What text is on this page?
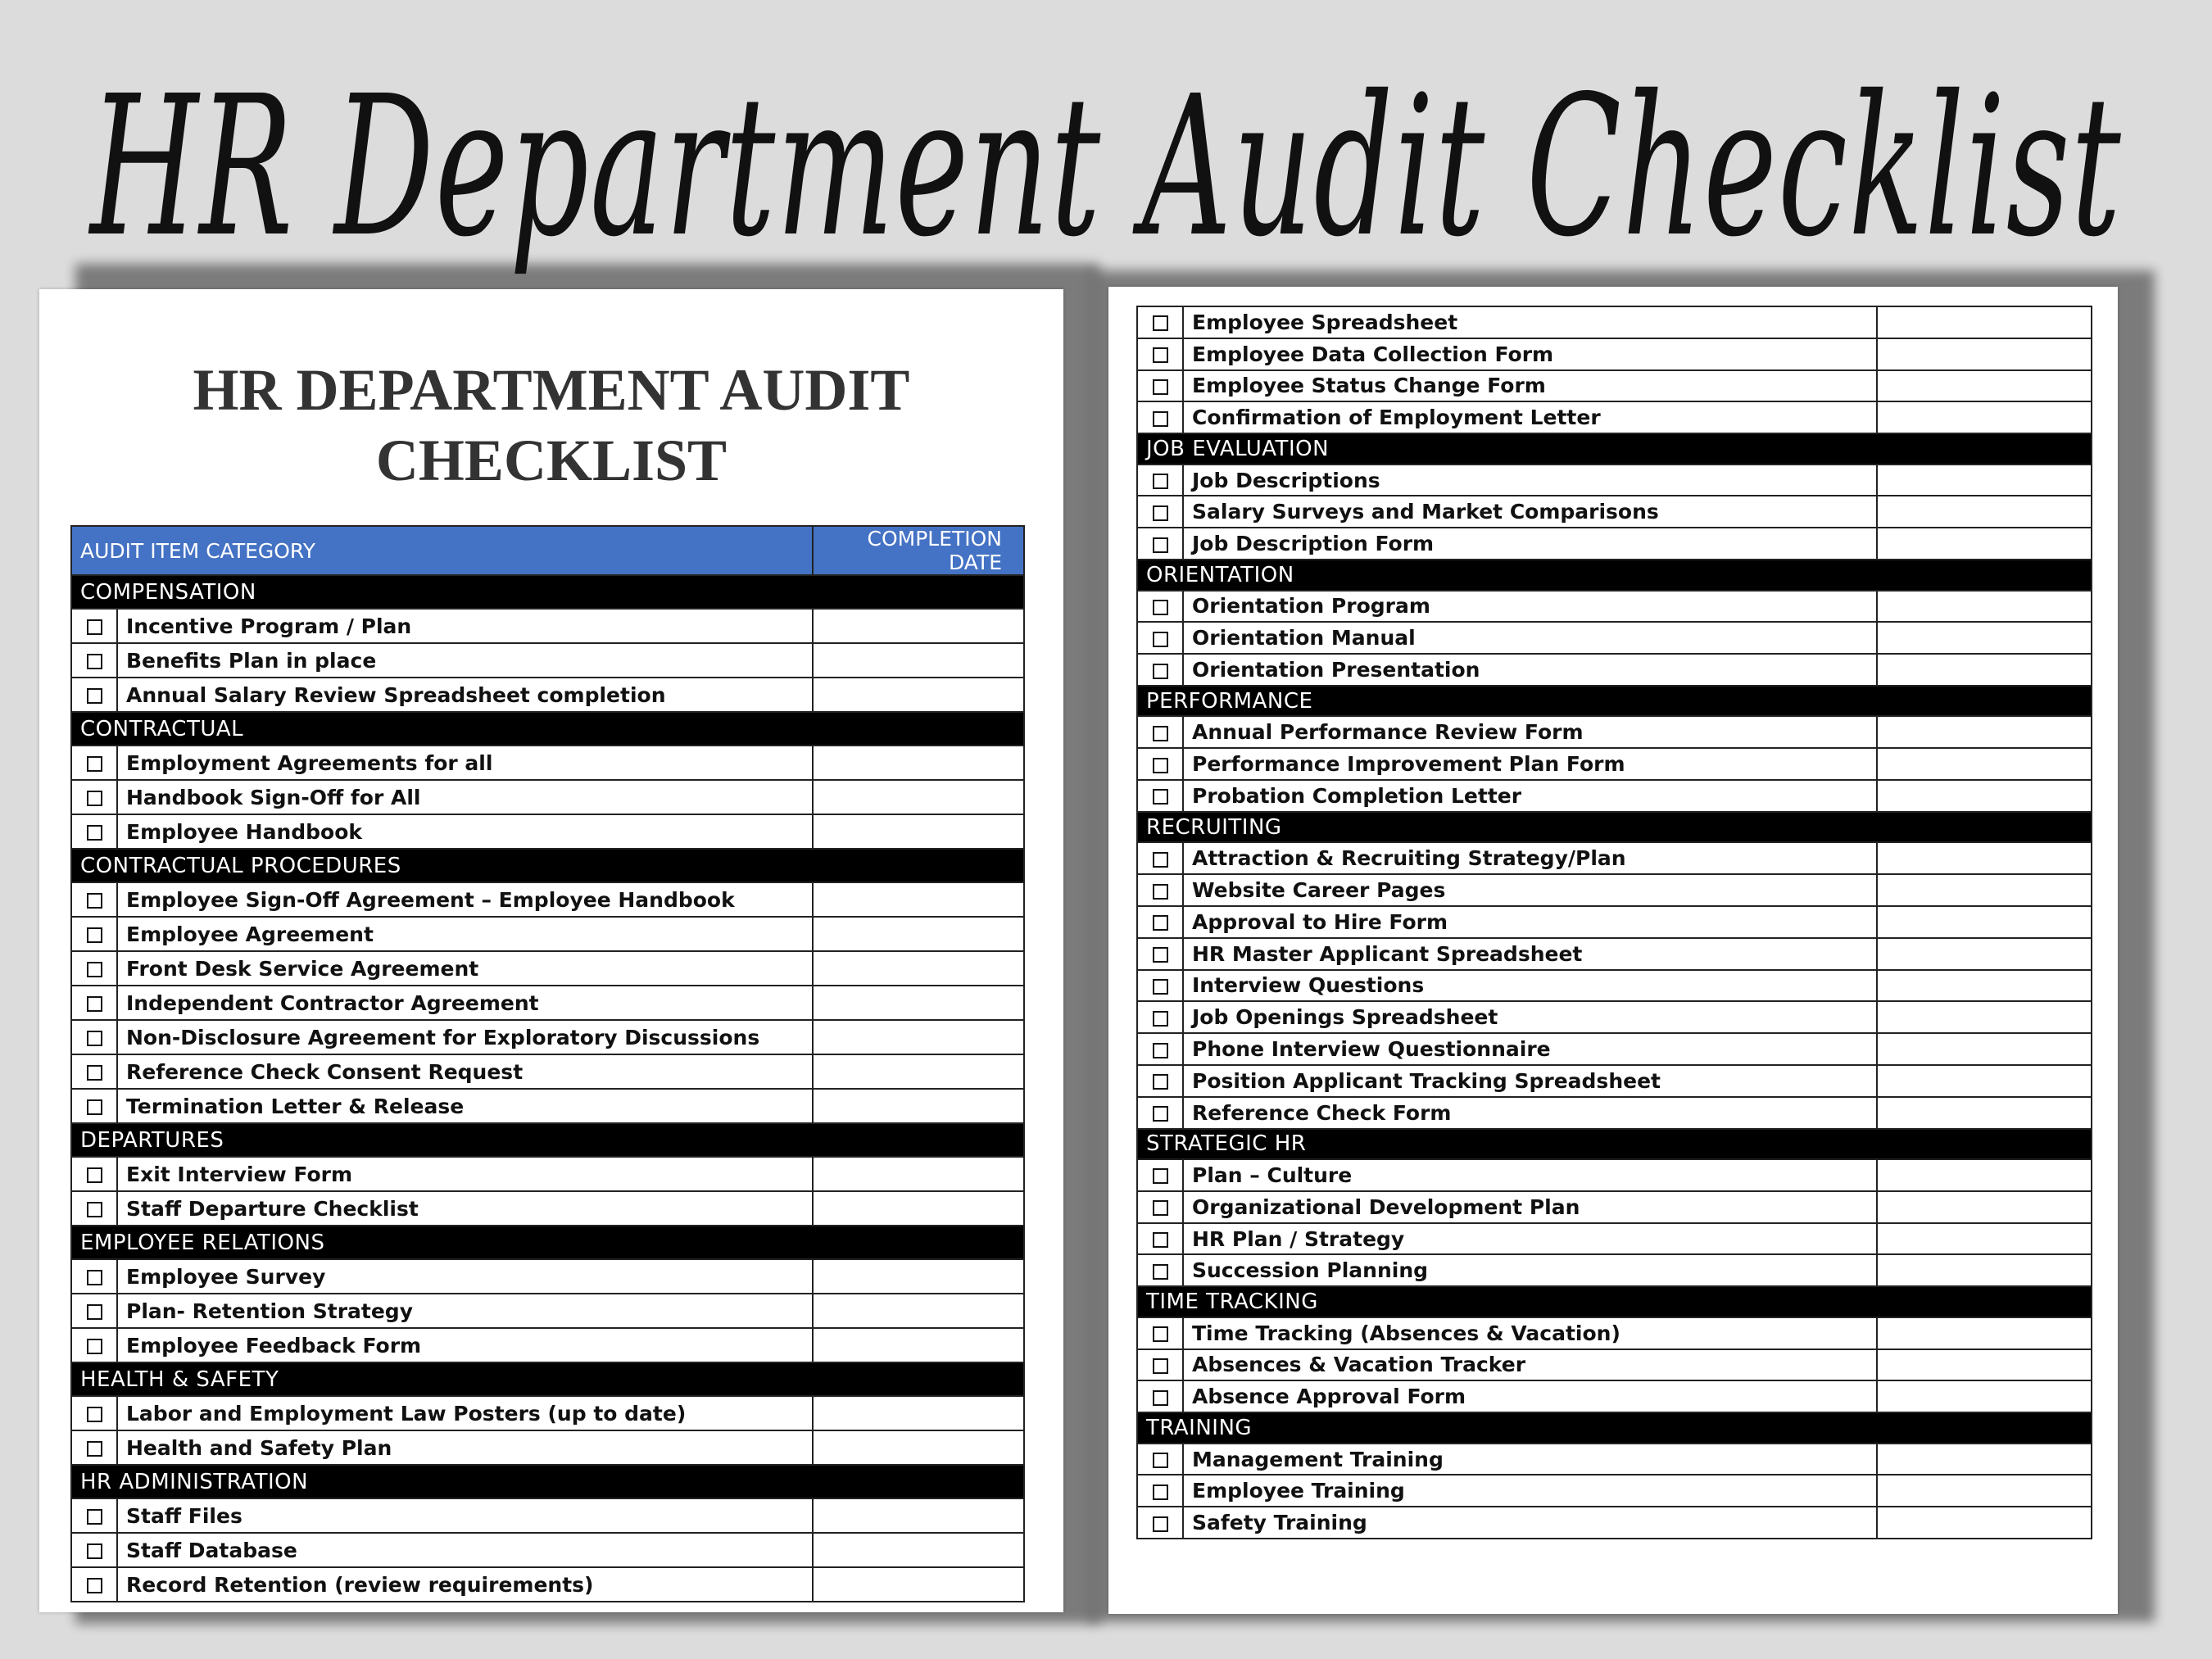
HR DEPARTMENT AUDIT
CHECKLIST
AUDIT ITEM CATEGORY		COMPLETION DATE
COMPENSATION		
	Incentive Program / Plan	
	Benefits Plan in place	
	Annual Salary Review Spreadsheet completion	
CONTRACTUAL		
	Employment Agreements for all	
	Handbook Sign-Off for All	
	Employee Handbook	
CONTRACTUAL PROCEDURES		
	Employee Sign-Off Agreement – Employee Handbook	
	Employee Agreement	
	Front Desk Service Agreement	
	Independent Contractor Agreement	
	Non-Disclosure Agreement for Exploratory Discussions	
	Reference Check Consent Request	
	Termination Letter & Release	
DEPARTURES		
	Exit Interview Form	
	Staff Departure Checklist	
EMPLOYEE RELATIONS		
	Employee Survey	
	Plan- Retention Strategy	
	Employee Feedback Form	
HEALTH & SAFETY		
	Labor and Employment Law Posters (up to date)	
	Health and Safety Plan	
HR ADMINISTRATION		
	Staff Files	
	Staff Database	
	Record Retention (review requirements)	
	Employee Spreadsheet	
	Employee Data Collection Form	
	Employee Status Change Form	
	Confirmation of Employment Letter	
JOB EVALUATION		
	Job Descriptions	
	Salary Surveys and Market Comparisons	
	Job Description Form	
ORIENTATION		
	Orientation Program	
	Orientation Manual	
	Orientation Presentation	
PERFORMANCE		
	Annual Performance Review Form	
	Performance Improvement Plan Form	
	Probation Completion Letter	
RECRUITING		
	Attraction & Recruiting Strategy/Plan	
	Website Career Pages	
	Approval to Hire Form	
	HR Master Applicant Spreadsheet	
	Interview Questions	
	Job Openings Spreadsheet	
	Phone Interview Questionnaire	
	Position Applicant Tracking Spreadsheet	
	Reference Check Form	
STRATEGIC HR		
	Plan – Culture	
	Organizational Development Plan	
	HR Plan / Strategy	
	Succession Planning	
TIME TRACKING		
	Time Tracking (Absences & Vacation)	
	Absences & Vacation Tracker	
	Absence Approval Form	
TRAINING		
	Management Training	
	Employee Training	
	Safety Training	
HR Department Audit Checklist
